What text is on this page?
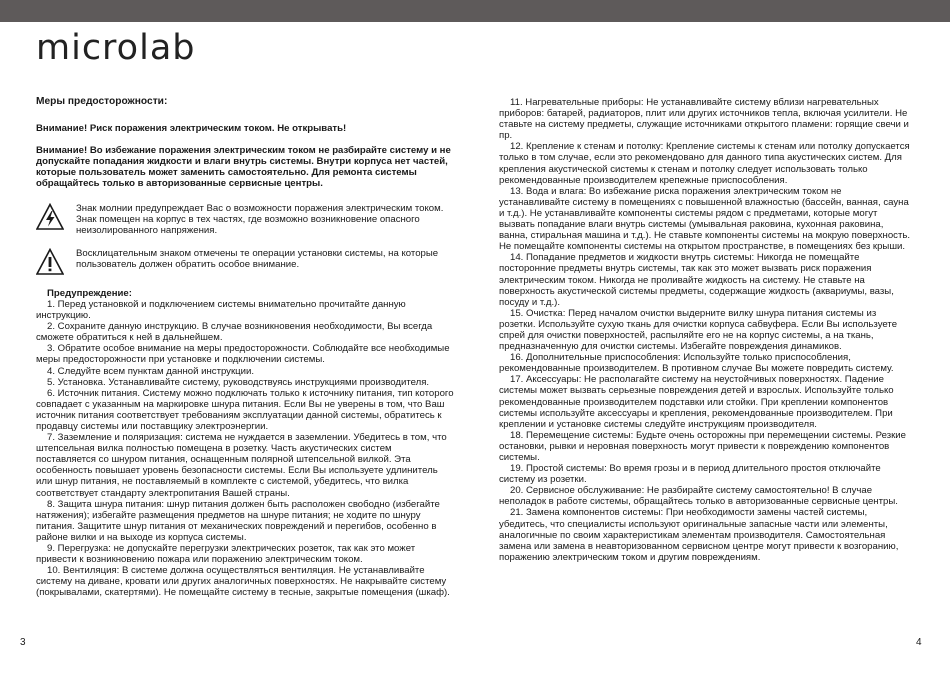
microlab
Меры предосторожности:
Внимание! Риск поражения электрическим током. Не открывать!
Внимание! Во избежание поражения электрическим током не разбирайте систему и не допускайте попадания жидкости и влаги внутрь системы. Внутри корпуса нет частей, которые пользователь может заменить самостоятельно. Для ремонта системы обращайтесь только в авторизованные сервисные центры.
Знак молнии предупреждает Вас о возможности поражения электрическим током. Знак помещен на корпус в тех частях, где возможно возникновение опасного неизолированного напряжения.
Восклицательным знаком отмечены те операции установки системы, на которые пользователь должен обратить особое внимание.
Предупреждение:

1. Перед установкой и подключением системы внимательно прочитайте данную инструкцию.

2. Сохраните данную инструкцию. В случае возникновения необходимости, Вы всегда сможете обратиться к ней в дальнейшем.

3. Обратите особое внимание на меры предосторожности. Соблюдайте все необходимые меры предосторожности при установке и подключении системы.

4. Следуйте всем пунктам данной инструкции.

5. Установка. Устанавливайте систему, руководствуясь инструкциями производителя.

6. Источник питания. Систему можно подключать только к источнику питания, тип которого совпадает с указанным на маркировке шнура питания. Если Вы не уверены в том, что Ваш источник питания соответствует требованиям эксплуатации данной системы, обратитесь к продавцу системы или поставщику электроэнергии.

7. Заземление и поляризация: система не нуждается в заземлении. Убедитесь в том, что штепсельная вилка полностью помещена в розетку. Часть акустических систем поставляется со шнуром питания, оснащенным полярной штепсельной вилкой. Эта особенность повышает уровень безопасности системы. Если Вы используете удлинитель или шнур питания, не поставляемый в комплекте с системой, убедитесь, что вилка соответствует стандарту электропитания Вашей страны.

8. Защита шнура питания: шнур питания должен быть расположен свободно (избегайте натяжения); избегайте размещения предметов на шнуре питания; не ходите по шнуру питания. Защитите шнур питания от механических повреждений и перегибов, особенно в районе вилки и на выходе из корпуса системы.

9. Перегрузка: не допускайте перегрузки электрических розеток, так как это может привести к возникновению пожара или поражению электрическим током.

10. Вентиляция: В системе должна осуществляться вентиляция. Не устанавливайте систему на диване, кровати или других аналогичных поверхностях. Не накрывайте систему (покрывалами, скатертями). Не помещайте систему в тесные, закрытые помещения (шкаф).

11. Нагревательные приборы: Не устанавливайте систему вблизи нагревательных приборов: батарей, радиаторов, плит или других источников тепла, включая усилители. Не ставьте на систему предметы, служащие источниками открытого пламени: горящие свечи и пр.

12. Крепление к стенам и потолку: Крепление системы к стенам или потолку допускается только в том случае, если это рекомендовано для данного типа акустических систем. Для крепления акустической системы к стенам и потолку следует использовать только рекомендованные производителем крепежные приспособления.

13. Вода и влага: Во избежание риска поражения электрическим током не устанавливайте систему в помещениях с повышенной влажностью (бассейн, ванная, сауна и т.д.). Не устанавливайте компоненты системы рядом с предметами, которые могут вызвать попадание влаги внутрь системы (умывальная раковина, кухонная раковина, ванна, стиральная машина и т.д.). Не ставьте компоненты системы на мокрую поверхность. Не помещайте компоненты системы на открытом пространстве, в помещениях без крыши.

14. Попадание предметов и жидкости внутрь системы: Никогда не помещайте посторонние предметы внутрь системы, так как это может вызвать риск поражения электрическим током. Никогда не проливайте жидкость на систему. Не ставьте на поверхность акустической системы предметы, содержащие жидкость (аквариумы, вазы, посуду и т.д.).

15. Очистка: Перед началом очистки выдерните вилку шнура питания системы из розетки. Используйте сухую ткань для очистки корпуса сабвуфера. Если Вы используете спрей для очистки поверхностей, распыляйте его не на корпус системы, а на ткань, предназначенную для очистки системы. Избегайте повреждения динамиков.

16. Дополнительные приспособления: Используйте только приспособления, рекомендованные производителем. В противном случае Вы можете повредить систему.

17. Аксессуары: Не располагайте систему на неустойчивых поверхностях. Падение системы может вызвать серьезные повреждения детей и взрослых. Используйте только рекомендованные производителем подставки или стойки. При креплении компонентов системы используйте аксессуары и крепления, рекомендованные производителем. При креплении и установке системы следуйте инструкциям производителя.

18. Перемещение системы: Будьте очень осторожны при перемещении системы. Резкие остановки, рывки и неровная поверхность могут привести к повреждению компонентов системы.

19. Простой системы: Во время грозы и в период длительного простоя отключайте систему из розетки.

20. Сервисное обслуживание: Не разбирайте систему самостоятельно! В случае неполадок в работе системы, обращайтесь только в авторизованные сервисные центры.

21. Замена компонентов системы: При необходимости замены частей системы, убедитесь, что специалисты используют оригинальные запасные части или элементы, аналогичные по своим характеристикам элементам производителя. Самостоятельная замена или замена в неавторизованном сервисном центре могут привести к возгоранию, поражению электрическим током и другим повреждениям.

3	4
